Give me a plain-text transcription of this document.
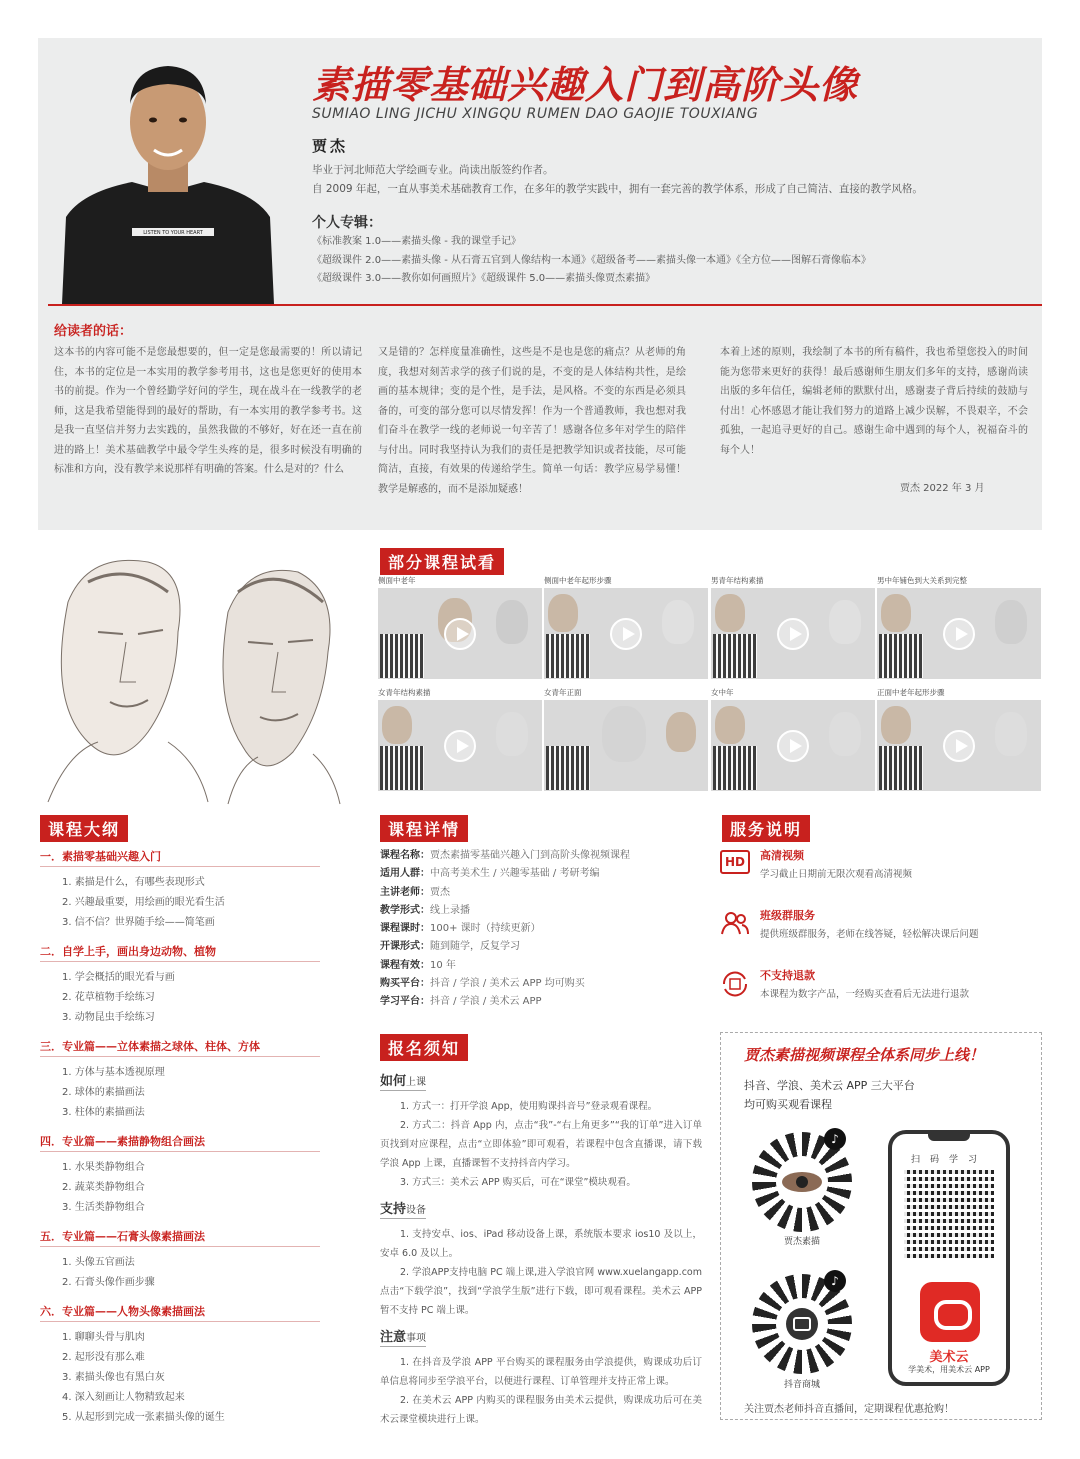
LISTEN TO YOUR HEART
素描零基础兴趣入门到高阶头像
SUMIAO LING JICHU XINGQU RUMEN DAO GAOJIE TOUXIANG
贾杰
毕业于河北师范大学绘画专业。尚读出版签约作者。
自 2009 年起，一直从事美术基础教育工作，在多年的教学实践中，拥有一套完善的教学体系，形成了自己简洁、直接的教学风格。
个人专辑：
《标准教案 1.0——素描头像 - 我的课堂手记》
《超级课件 2.0——素描头像 - 从石膏五官到人像结构一本通》《超级备考——素描头像一本通》《全方位——图解石膏像临本》
《超级课件 3.0——教你如何画照片》《超级课件 5.0——素描头像贾杰素描》
给读者的话：
这本书的内容可能不是您最想要的，但一定是您最需要的！所以请记住，本书的定位是一本实用的教学参考用书，这也是您更好的使用本书的前提。作为一个曾经勤学好问的学生，现在战斗在一线教学的老师，这是我希望能得到的最好的帮助，有一本实用的教学参考书。这是我一直坚信并努力去实践的，虽然我做的不够好，好在还一直在前进的路上！美术基础教学中最令学生头疼的是，很多时候没有明确的标准和方向，没有教学来说那样有明确的答案。什么是对的？什么
又是错的？怎样度量准确性，这些是不是也是您的痛点？从老师的角度，我想对刻苦求学的孩子们说的是，不变的是人体结构共性，是绘画的基本规律；变的是个性，是手法，是风格。不变的东西是必须具备的，可变的部分您可以尽情发挥！作为一个普通教师，我也想对我们奋斗在教学一线的老师说一句辛苦了！感谢各位多年对学生的陪伴与付出。同时我坚持认为我们的责任是把教学知识或者技能，尽可能简洁，直接，有效果的传递给学生。简单一句话：教学应易学易懂！教学是解惑的，而不是添加疑惑！
本着上述的原则，我绘制了本书的所有稿件，我也希望您投入的时间能为您带来更好的获得！最后感谢师生朋友们多年的支持，感谢尚读出版的多年信任，编辑老师的默默付出，感谢妻子背后持续的鼓励与付出！心怀感恩才能让我们努力的道路上减少误解，不畏艰辛，不会孤独，一起追寻更好的自己。感谢生命中遇到的每个人，祝福奋斗的每个人！
贾杰 2022 年 3 月
部分课程试看
侧面中老年	侧面中老年起形步骤	男青年结构素描	男中年铺色到大关系到完整
女青年结构素描	女青年正面	女中年	正面中老年起形步骤
课程大纲
一．素描零基础兴趣入门
1. 素描是什么，有哪些表现形式
2. 兴趣最重要，用绘画的眼光看生活
3. 信不信？世界随手绘——简笔画
二．自学上手，画出身边动物、植物
1. 学会概括的眼光看与画
2. 花草植物手绘练习
3. 动物昆虫手绘练习
三．专业篇——立体素描之球体、柱体、方体
1. 方体与基本透视原理
2. 球体的素描画法
3. 柱体的素描画法
四．专业篇——素描静物组合画法
1. 水果类静物组合
2. 蔬菜类静物组合
3. 生活类静物组合
五．专业篇——石膏头像素描画法
1. 头像五官画法
2. 石膏头像作画步骤
六．专业篇——人物头像素描画法
1. 聊聊头骨与肌肉
2. 起形没有那么难
3. 素描头像也有黑白灰
4. 深入刻画让人物精致起来
5. 从起形到完成一张素描头像的诞生
课程详情
课程名称：贾杰素描零基础兴趣入门到高阶头像视频课程
适用人群：中高考美术生 / 兴趣零基础 / 考研考编
主讲老师：贾杰
教学形式：线上录播
课程课时：100+ 课时（持续更新）
开课形式：随到随学，反复学习
课程有效：10 年
购买平台：抖音 / 学浪 / 美术云 APP 均可购买
学习平台：抖音 / 学浪 / 美术云 APP
服务说明
HD	高清视频
学习截止日期前无限次观看高清视频
班级群服务
提供班级群服务，老师在线答疑，轻松解决课后问题
不支持退款
本课程为数字产品，一经购买查看后无法进行退款
报名须知
如何上课
1. 方式一：打开学浪 App，使用购课抖音号”登录观看课程。
2. 方式二：抖音 App 内，点击“我”-“右上角更多”“我的订单”进入订单页找到对应课程，点击“立即体验”即可观看，若课程中包含直播课，请下载学浪 App 上课，直播课暂不支持抖音内学习。
3. 方式三：美术云 APP 购买后，可在“课堂”模块观看。
支持设备
1. 支持安卓、ios、iPad 移动设备上课，系统版本要求 ios10 及以上，安卓 6.0 及以上。
2. 学浪APP支持电脑 PC 端上课,进入学浪官网 www.xuelangapp.com 点击“下载学浪”，找到“学浪学生版”进行下载，即可观看课程。美术云 APP 暂不支持 PC 端上课。
注意事项
1. 在抖音及学浪 APP 平台购买的课程服务由学浪提供，购课成功后订单信息将同步至学浪平台，以便进行课程、订单管理并支持正常上课。
2. 在美术云 APP 内购买的课程服务由美术云提供，购课成功后可在美术云课堂模块进行上课。
贾杰素描视频课程全体系同步上线！
抖音、学浪、美术云 APP 三大平台
均可购买观看课程
♪
贾杰素描
♪
抖音商城
扫码学习
美术云
学美术，用美术云 APP
关注贾杰老师抖音直播间，定期课程优惠抢购！
